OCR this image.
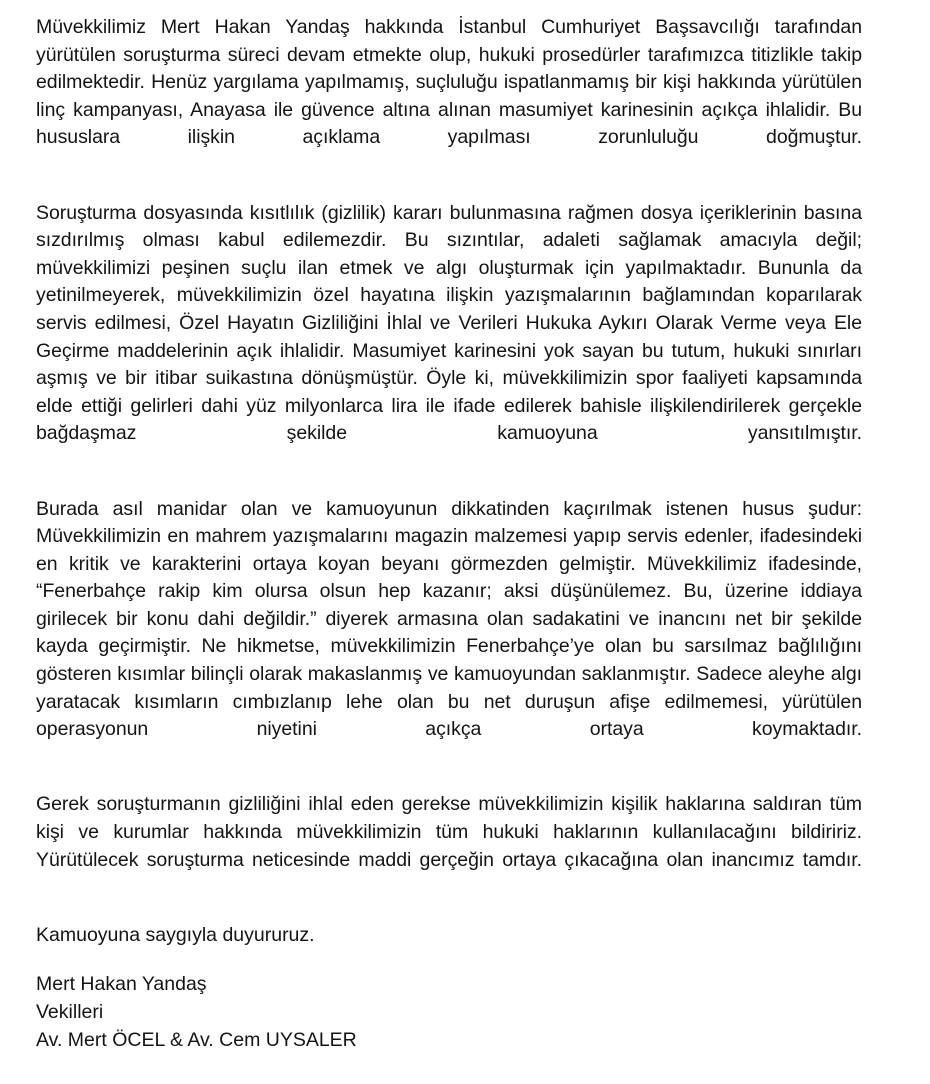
Müvekkilimiz Mert Hakan Yandaş hakkında İstanbul Cumhuriyet Başsavcılığı tarafından yürütülen soruşturma süreci devam etmekte olup, hukuki prosedürler tarafımızca titizlikle takip edilmektedir. Henüz yargılama yapılmamış, suçluluğu ispatlanmamış bir kişi hakkında yürütülen linç kampanyası, Anayasa ile güvence altına alınan masumiyet karinesinin açıkça ihlalidir. Bu hususlara ilişkin açıklama yapılması zorunluluğu doğmuştur.

Soruşturma dosyasında kısıtlılık (gizlilik) kararı bulunmasına rağmen dosya içeriklerinin basına sızdırılmış olması kabul edilemezdir. Bu sızıntılar, adaleti sağlamak amacıyla değil; müvekkilimizi peşinen suçlu ilan etmek ve algı oluşturmak için yapılmaktadır. Bununla da yetinilmeyerek, müvekkilimizin özel hayatına ilişkin yazışmalarının bağlamından koparılarak servis edilmesi, Özel Hayatın Gizliliğini İhlal ve Verileri Hukuka Aykırı Olarak Verme veya Ele Geçirme maddelerinin açık ihlalidir. Masumiyet karinesini yok sayan bu tutum, hukuki sınırları aşmış ve bir itibar suikastına dönüşmüştür. Öyle ki, müvekkilimizin spor faaliyeti kapsamında elde ettiği gelirleri dahi yüz milyonlarca lira ile ifade edilerek bahisle ilişkilendirilerek gerçekle bağdaşmaz şekilde kamuoyuna yansıtılmıştır.

Burada asıl manidar olan ve kamuoyunun dikkatinden kaçırılmak istenen husus şudur: Müvekkilimizin en mahrem yazışmalarını magazin malzemesi yapıp servis edenler, ifadesindeki en kritik ve karakterini ortaya koyan beyanı görmezden gelmiştir. Müvekkilimiz ifadesinde, “Fenerbahçe rakip kim olursa olsun hep kazanır; aksi düşünülemez. Bu, üzerine iddiaya girilecek bir konu dahi değildir.” diyerek armasına olan sadakatini ve inancını net bir şekilde kayda geçirmiştir. Ne hikmetse, müvekkilimizin Fenerbahçe’ye olan bu sarsılmaz bağlılığını gösteren kısımlar bilinçli olarak makaslanmış ve kamuoyundan saklanmıştır. Sadece aleyhe algı yaratacak kısımların cımbızlanıp lehe olan bu net duruşun afişe edilmemesi, yürütülen operasyonun niyetini açıkça ortaya koymaktadır.

Gerek soruşturmanın gizliliğini ihlal eden gerekse müvekkilimizin kişilik haklarına saldıran tüm kişi ve kurumlar hakkında müvekkilimizin tüm hukuki haklarının kullanılacağını bildiririz. Yürütülecek soruşturma neticesinde maddi gerçeğin ortaya çıkacağına olan inancımız tamdır.

Kamuoyuna saygıyla duyururuz.

Mert Hakan Yandaş
Vekilleri
Av. Mert ÖCEL & Av. Cem UYSALER
